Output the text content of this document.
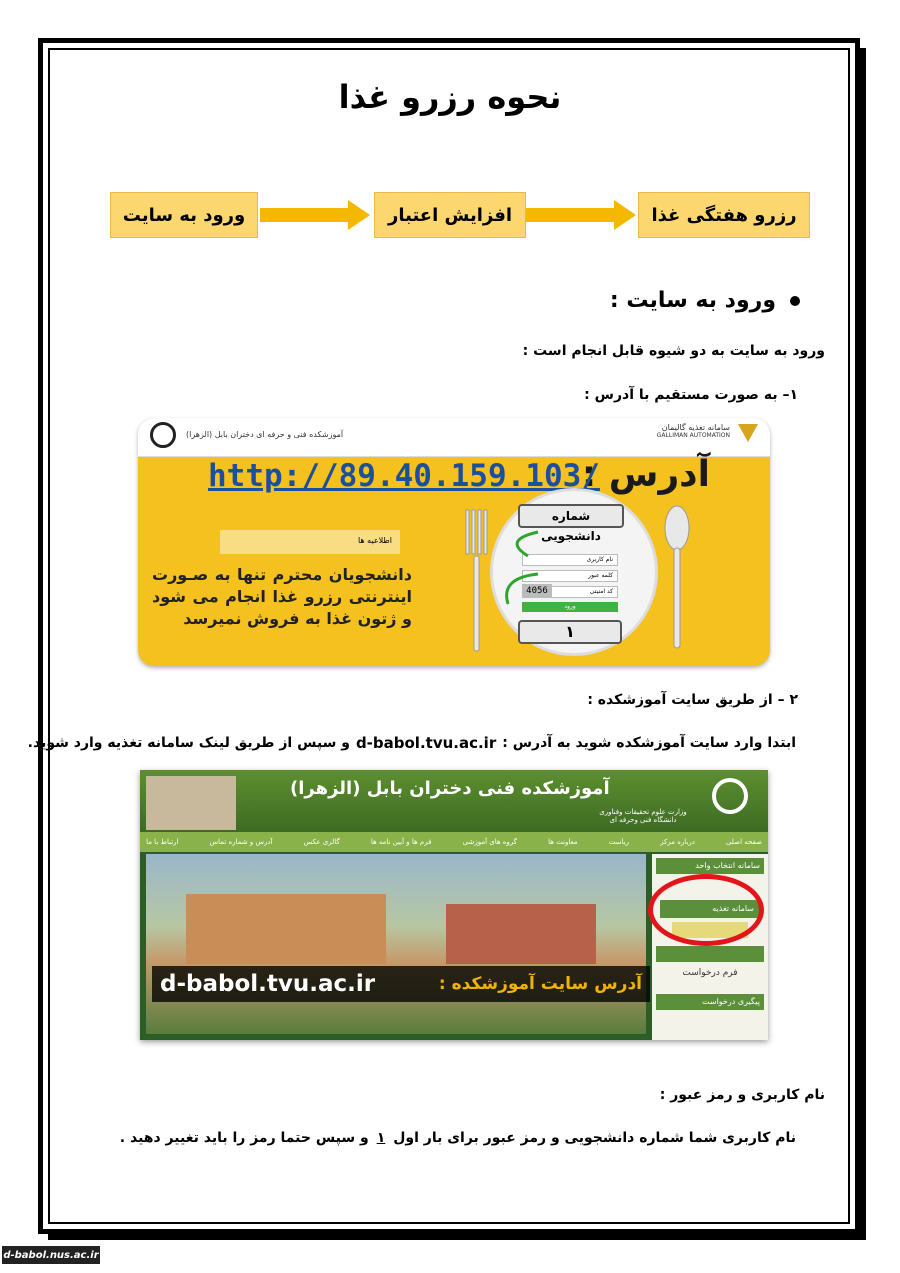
نحوه رزرو غذا
ورود به سایت	افزایش اعتبار	رزرو هفتگی غذا
ورود به سایت :
ورود به سایت به دو شیوه قابل انجام است :
۱– به صورت مستقیم با آدرس :
سامانه تغذیه گالیمان
GALLIMAN AUTOMATION
آموزشکده فنی و حرفه ای دختران بابل (الزهرا)
آدرس :
http://89.40.159.103/
اطلاعیه ها
دانشجویان محترم تنها به صـورت اینترنتی رزرو غذا انجام می شود و ژتون غذا به فروش نمیرسد
شماره دانشجویی
نام کاربری
کلمه عبور
کد امنیتی
4056
ورود
۱
۲ – از طریق سایت آموزشکده :
ابتدا وارد سایت آموزشکده شوید به آدرس :
d-babol.tvu.ac.ir
و سپس از طریق لینک سامانه تغذیه وارد شوید.
آموزشکده فنی دختران بابل (الزهرا)
وزارت علوم تحقیقات وفناوری دانشگاه فنی وحرفه ای
صفحه اصلی
درباره مرکز
ریاست
معاونت ها
گروه های آموزشی
فرم ها و آیین نامه ها
گالری عکس
آدرس و شماره تماس
ارتباط با ما
آدرس سایت آموزشکده :
d-babol.tvu.ac.ir
سامانه انتخاب واحد
سامانه تغذیه
فرم درخواست
پیگیری درخواست
نام کاربری و رمز عبور :
نام کاربری شما شماره دانشجویی و رمز عبور برای بار اول
۱
و سپس حتما رمز را باید تغییر دهید .
d-babol.nus.ac.ir
